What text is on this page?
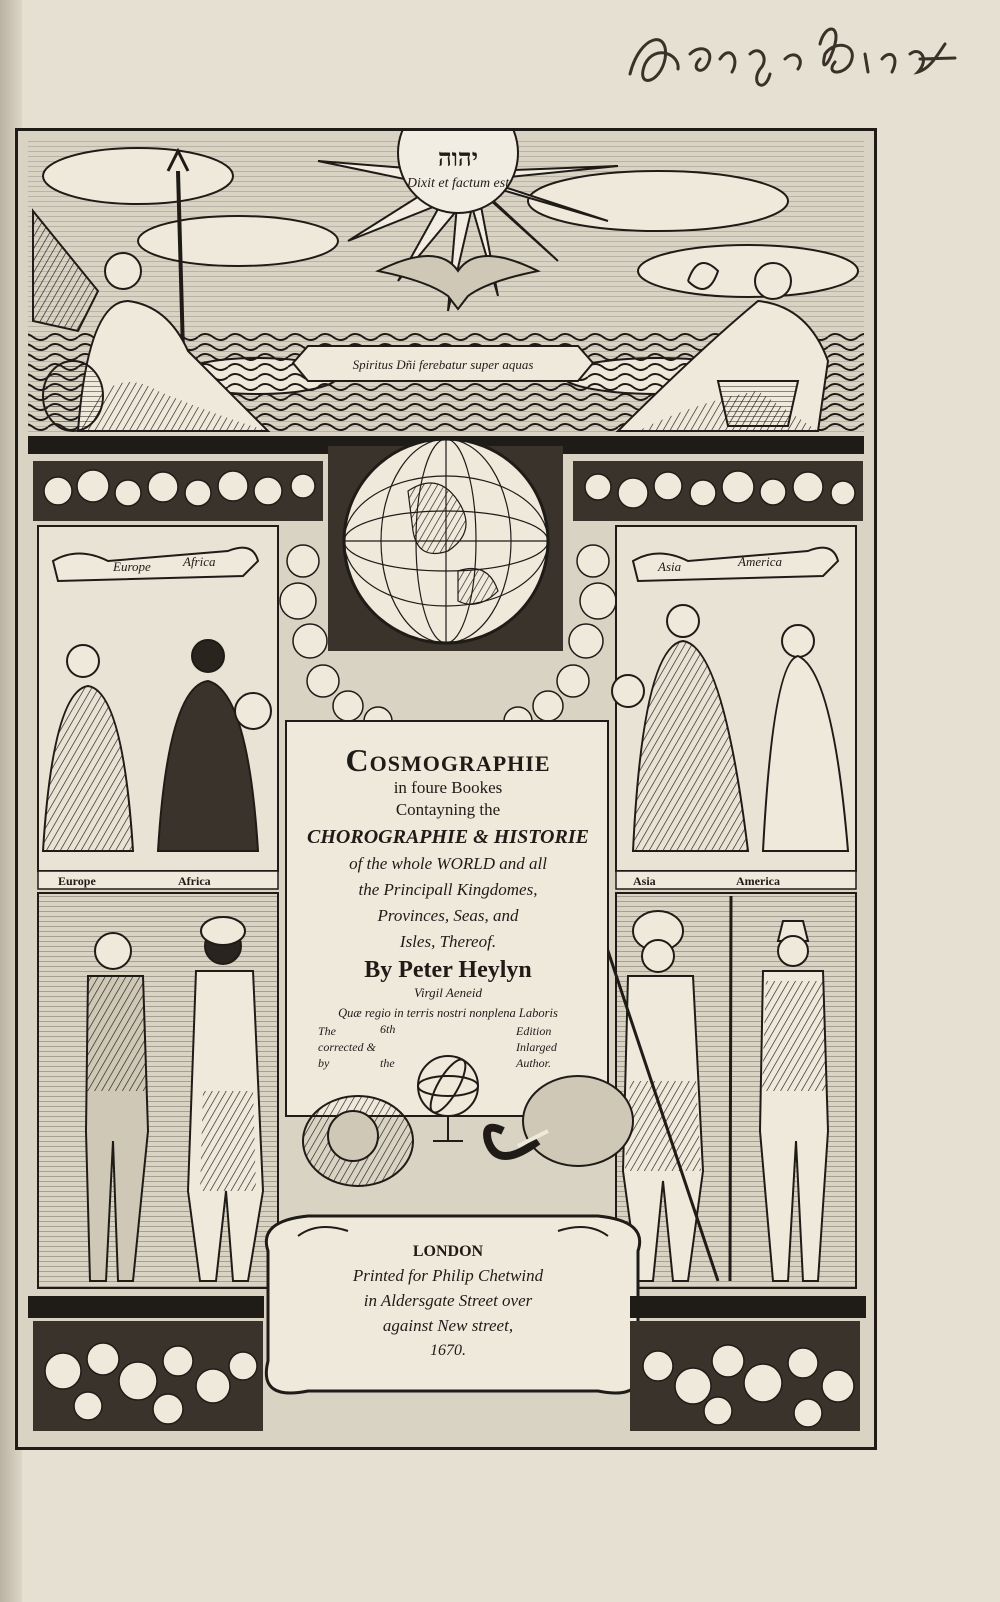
יהוה
Dixit et factum est
Spiritus Dñi ferebatur super aquas
Europe Africa
Europe	Africa
Asia	America
Asia	America
Cosmographie
in foure Bookes
Contayning the
CHOROGRAPHIE & HISTORIE
of the whole WORLD and all
the Principall Kingdomes,
Provinces, Seas, and
Isles, Thereof.
By Peter Heylyn
Virgil Aeneid
Quæ regio in terris nostri nonplena Laboris
The
corrected &
by
6th
the
Edition
Inlarged
Author.
LONDON
Printed for Philip Chetwind
in Aldersgate Street over
against New street,
1670.
